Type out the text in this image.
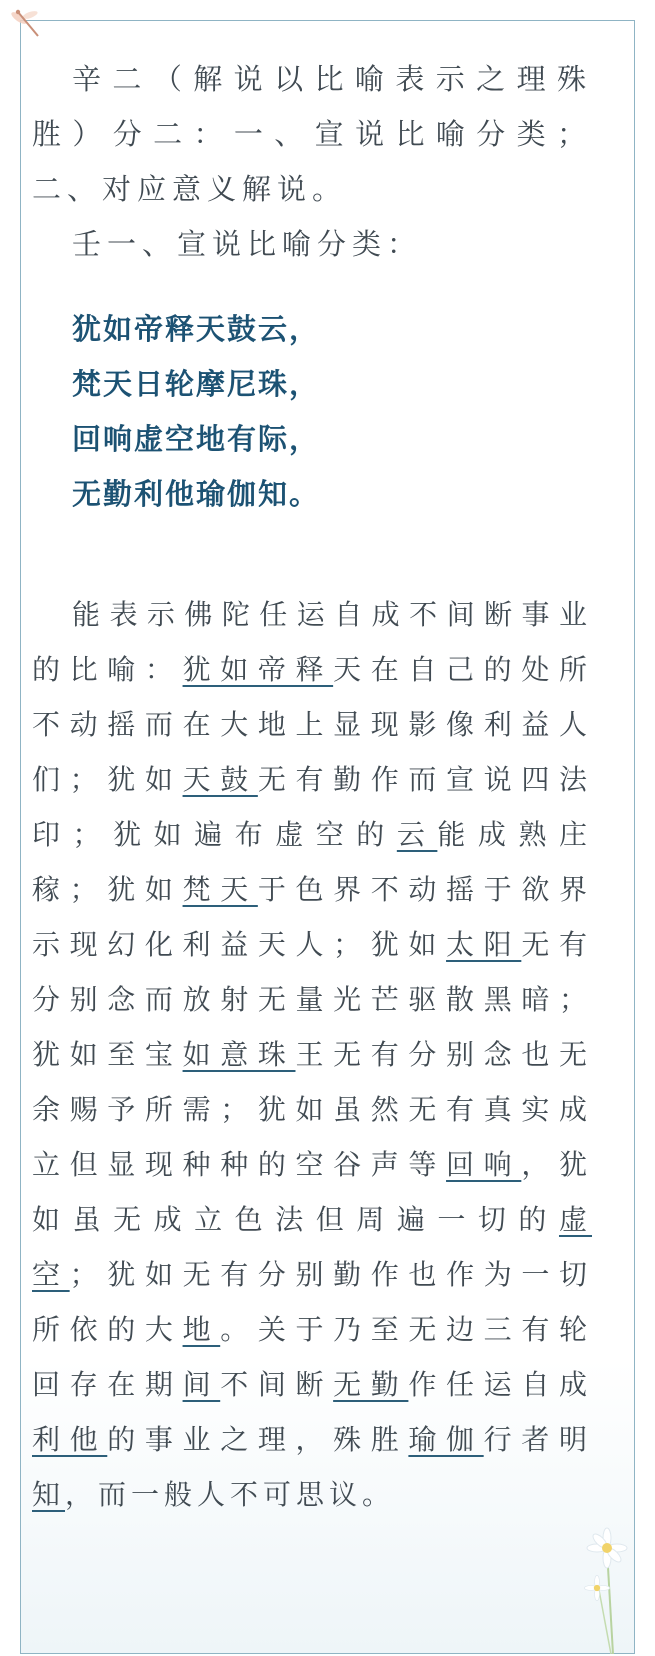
辛二（解说以比喻表示之理殊
胜）分二：一、宣说比喻分类；
二、对应意义解说。
壬一、宣说比喻分类：
犹如帝释天鼓云，
梵天日轮摩尼珠，
回响虚空地有际，
无勤利他瑜伽知。
能表示佛陀任运自成不间断事业
的比喻：犹如帝释天在自己的处所
不动摇而在大地上显现影像利益人
们；犹如天鼓无有勤作而宣说四法
印；犹如遍布虚空的云能成熟庄
稼；犹如梵天于色界不动摇于欲界
示现幻化利益天人；犹如太阳无有
分别念而放射无量光芒驱散黑暗；
犹如至宝如意珠王无有分别念也无
余赐予所需；犹如虽然无有真实成
立但显现种种的空谷声等回响，犹
如虽无成立色法但周遍一切的虚
空；犹如无有分别勤作也作为一切
所依的大地。关于乃至无边三有轮
回存在期间不间断无勤作任运自成
利他的事业之理，殊胜瑜伽行者明
知，而一般人不可思议。
